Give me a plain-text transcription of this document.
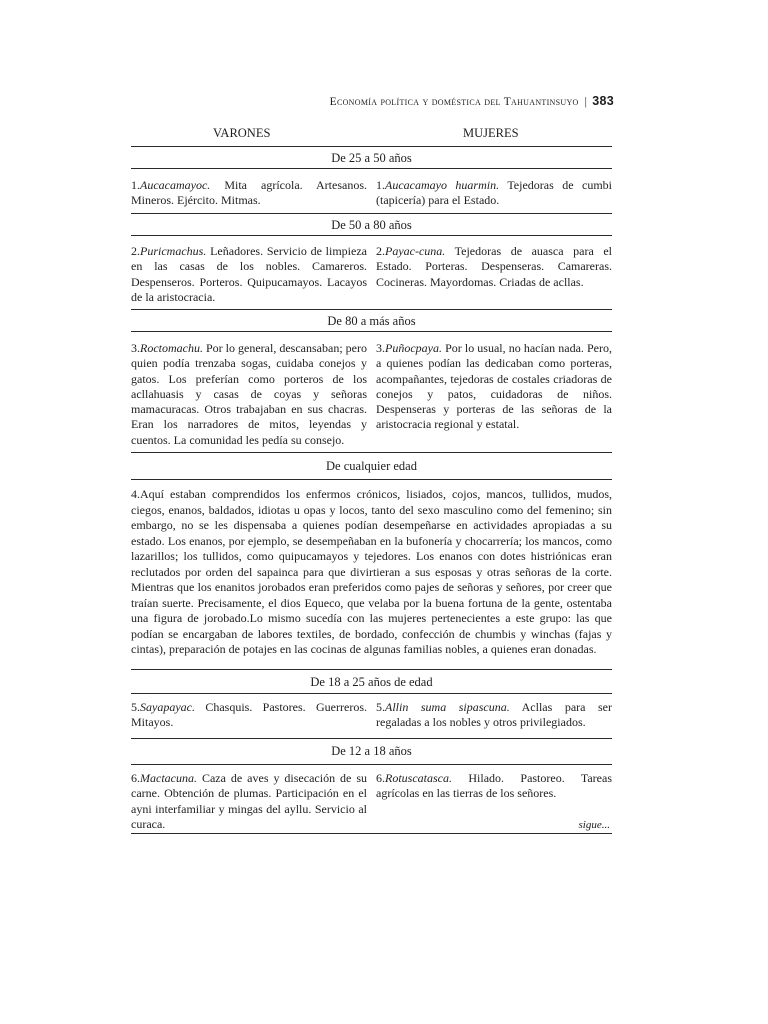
Economía política y doméstica del Tahuantinsuyo | 383
VARONES	MUJERES
De 25 a 50 años
1.Aucacamayoc. Mita agrícola. Artesanos. Mineros. Ejército. Mitmas.
1.Aucacamayo huarmin. Tejedoras de cumbi (tapicería) para el Estado.
De 50 a 80 años
2.Puricmachus. Leñadores. Servicio de limpieza en las casas de los nobles. Camareros. Despenseros. Porteros. Quipucamayos. Lacayos de la aristocracia.
2.Payac-cuna. Tejedoras de auasca para el Estado. Porteras. Despenseras. Camareras. Cocineras. Mayordomas. Criadas de acllas.
De 80 a más años
3.Roctomachu. Por lo general, descansaban; pero quien podía trenzaba sogas, cuidaba conejos y gatos. Los preferían como porteros de los acllahuasis y casas de coyas y señoras mamacuracas. Otros trabajaban en sus chacras. Eran los narradores de mitos, leyendas y cuentos. La comunidad les pedía su consejo.
3.Puñocpaya. Por lo usual, no hacían nada. Pero, a quienes podían las dedicaban como porteras, acompañantes, tejedoras de costales criadoras de conejos y patos, cuidadoras de niños. Despenseras y porteras de las señoras de la aristocracia regional y estatal.
De cualquier edad
4.Aquí estaban comprendidos los enfermos crónicos, lisiados, cojos, mancos, tullidos, mudos, ciegos, enanos, baldados, idiotas u opas y locos, tanto del sexo masculino como del femenino; sin embargo, no se les dispensaba a quienes podían desempeñarse en actividades apropiadas a su estado. Los enanos, por ejemplo, se desempeñaban en la bufonería y chocarrería; los mancos, como lazarillos; los tullidos, como quipucamayos y tejedores. Los enanos con dotes histriónicas eran reclutados por orden del sapainca para que divirtieran a sus esposas y otras señoras de la corte. Mientras que los enanitos jorobados eran preferidos como pajes de señoras y señores, por creer que traían suerte. Precisamente, el dios Equeco, que velaba por la buena fortuna de la gente, ostentaba una figura de jorobado.Lo mismo sucedía con las mujeres pertenecientes a este grupo: las que podían se encargaban de labores textiles, de bordado, confección de chumbis y winchas (fajas y cintas), preparación de potajes en las cocinas de algunas familias nobles, a quienes eran donadas.
De 18 a 25 años de edad
5.Sayapayac. Chasquis. Pastores. Guerreros. Mitayos.
5.Allin suma sipascuna. Acllas para ser regaladas a los nobles y otros privilegiados.
De 12 a 18 años
6.Mactacuna. Caza de aves y disecación de su carne. Obtención de plumas. Participación en el ayni interfamiliar y mingas del ayllu. Servicio al curaca.
6.Rotuscatasca. Hilado. Pastoreo. Tareas agrícolas en las tierras de los señores.
sigue...
